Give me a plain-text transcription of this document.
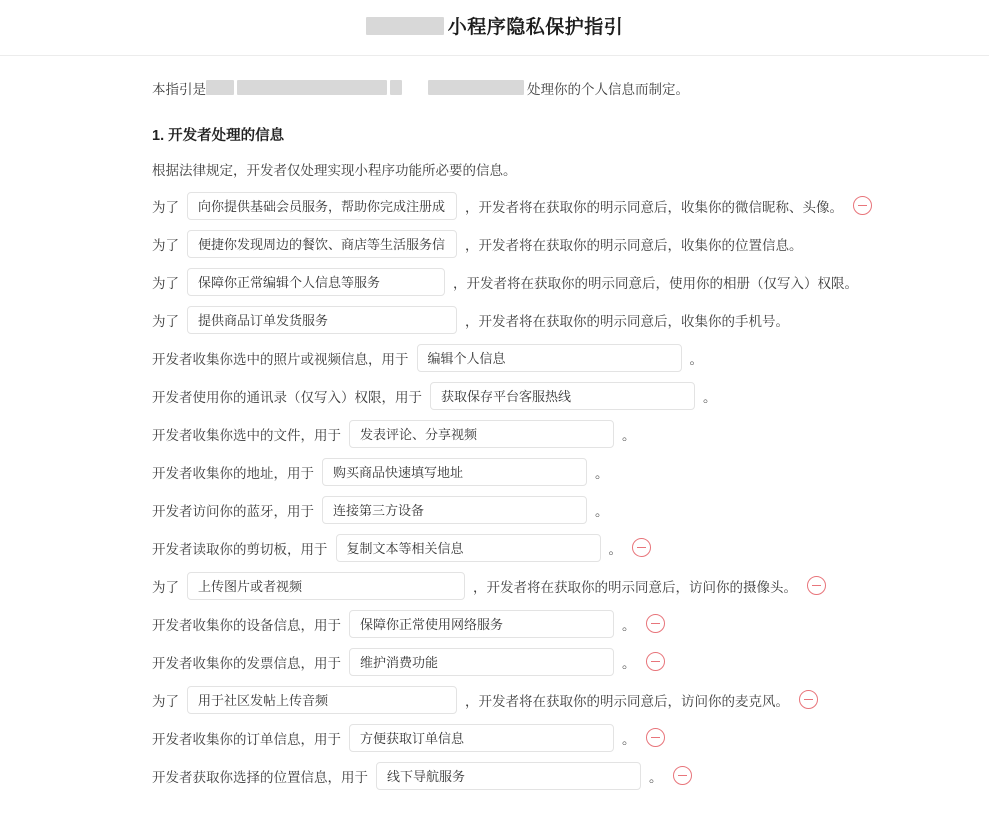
小程序隐私保护指引
本指引是	处理你的个人信息而制定。
1. 开发者处理的信息
根据法律规定，开发者仅处理实现小程序功能所必要的信息。
为了
向你提供基础会员服务，帮助你完成注册成	，开发者将在获取你的明示同意后，收集你的微信昵称、头像。
为了
便捷你发现周边的餐饮、商店等生活服务信	，开发者将在获取你的明示同意后，收集你的位置信息。
为了
保障你正常编辑个人信息等服务	，开发者将在获取你的明示同意后，使用你的相册（仅写入）权限。
为了
提供商品订单发货服务	，开发者将在获取你的明示同意后，收集你的手机号。
开发者收集你选中的照片或视频信息，用于
编辑个人信息	。
开发者使用你的通讯录（仅写入）权限，用于
获取保存平台客服热线	。
开发者收集你选中的文件，用于
发表评论、分享视频	。
开发者收集你的地址，用于
购买商品快速填写地址	。
开发者访问你的蓝牙，用于
连接第三方设备	。
开发者读取你的剪切板，用于
复制文本等相关信息	。
为了
上传图片或者视频	，开发者将在获取你的明示同意后，访问你的摄像头。
开发者收集你的设备信息，用于
保障你正常使用网络服务	。
开发者收集你的发票信息，用于
维护消费功能	。
为了
用于社区发帖上传音频	，开发者将在获取你的明示同意后，访问你的麦克风。
开发者收集你的订单信息，用于
方便获取订单信息	。
开发者获取你选择的位置信息，用于
线下导航服务	。
